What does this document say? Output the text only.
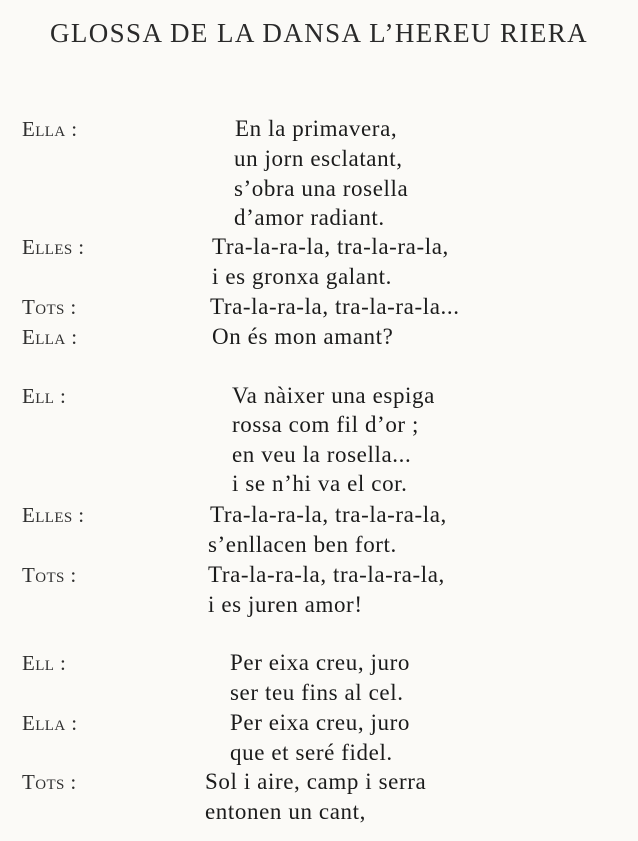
GLOSSA DE LA DANSA L’HEREU RIERA
Ella :	En la primavera,
un jorn esclatant,
s’obra una rosella
d’amor radiant.
Elles :	Tra-la-ra-la, tra-la-ra-la,
i es gronxa galant.
Tots :	Tra-la-ra-la, tra-la-ra-la...
Ella :	On és mon amant?
Ell :	Va nàixer una espiga
rossa com fil d’or ;
en veu la rosella...
i se n’hi va el cor.
Elles :	Tra-la-ra-la, tra-la-ra-la,
s’enllacen ben fort.
Tots :	Tra-la-ra-la, tra-la-ra-la,
i es juren amor!
Ell :	Per eixa creu, juro
ser teu fins al cel.
Ella :	Per eixa creu, juro
que et seré fidel.
Tots :	Sol i aire, camp i serra
entonen un cant,
